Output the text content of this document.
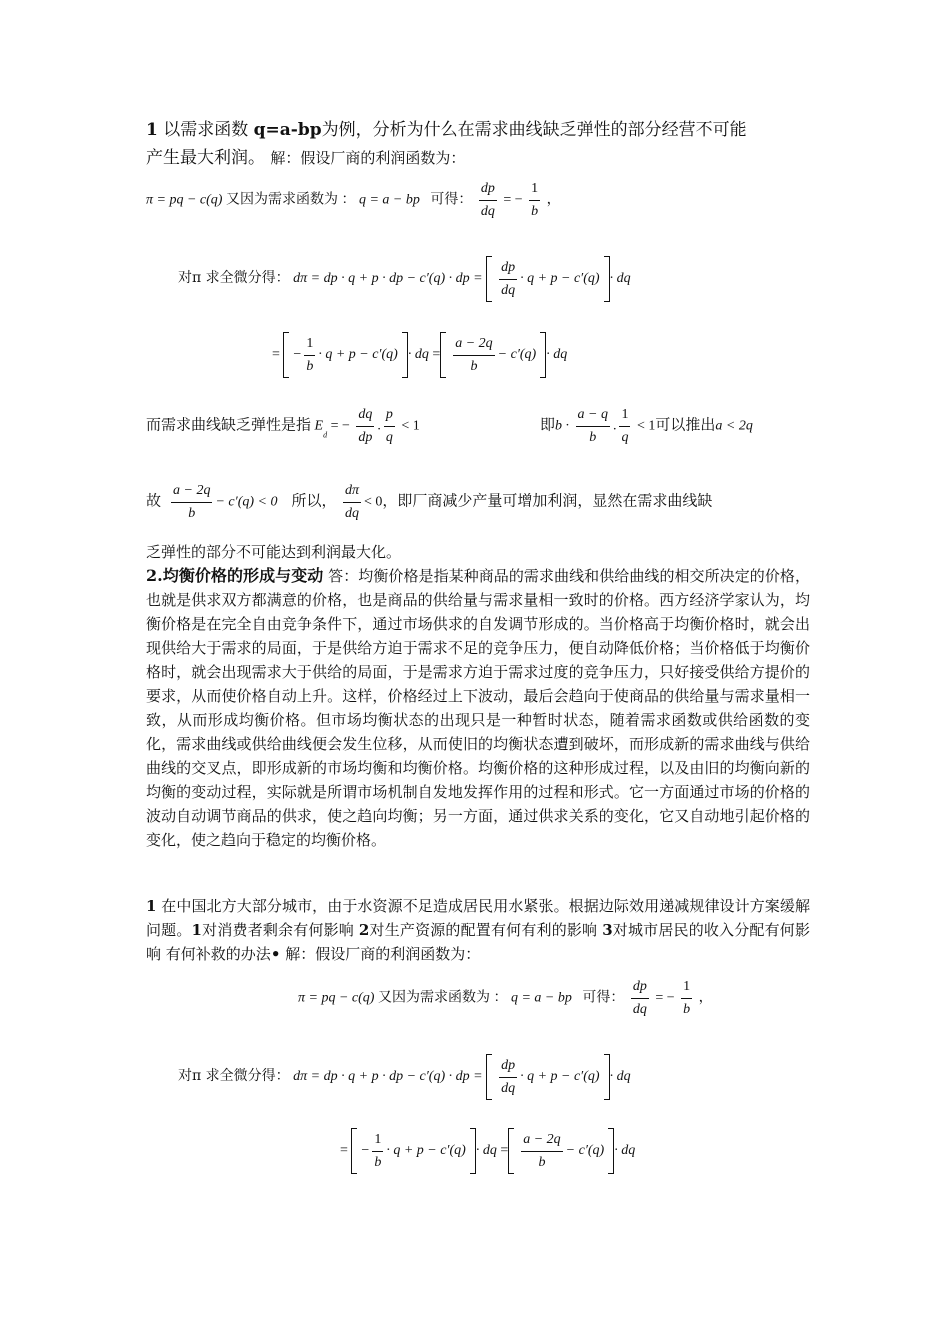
1 以需求函数 q=a-bp为例，分析为什么在需求曲线缺乏弹性的部分经营不可能
产生最大利润。 解：假设厂商的利润函数为：
π = pq − c(q) 又因为需求函数为 ： q = a − bp 可得： $\frac{dp}{dq}$ = − $\frac{1}{b}$ ，
对π 求全微分得： dπ = dp · q + p · dp − c′(q) · dp = $\frac{dp}{dq} \cdot q + p - c'(q)$ · dq
= − $\frac{1}{b} \cdot q + p - c'(q)$ · dq = $\frac{a - 2q}{b} - c'(q)$ · dq
而需求曲线缺乏弹性是指 $E_d$ = − $\frac{dq}{dp}$ . $\frac{p}{q} < 1$	即$b \cdot \frac{a - q}{b}$ . $\frac{1}{q} < 1$可以推出a < 2q
故 $\frac{a - 2q}{b} - c'(q) < 0$ 所以， $\frac{d\pi}{dq} < 0$，即厂商减少产量可增加利润，显然在需求曲线缺
乏弹性的部分不可能达到利润最大化。
2.均衡价格的形成与变动 答：均衡价格是指某种商品的需求曲线和供给曲线的相交所决定的价格，也就是供求双方都满意的价格，也是商品的供给量与需求量相一致时的价格。西方经济学家认为，均衡价格是在完全自由竞争条件下，通过市场供求的自发调节形成的。当价格高于均衡价格时，就会出现供给大于需求的局面，于是供给方迫于需求不足的竞争压力，便自动降低价格；当价格低于均衡价格时，就会出现需求大于供给的局面，于是需求方迫于需求过度的竞争压力，只好接受供给方提价的要求，从而使价格自动上升。这样，价格经过上下波动，最后会趋向于使商品的供给量与需求量相一致，从而形成均衡价格。但市场均衡状态的出现只是一种暂时状态，随着需求函数或供给函数的变化，需求曲线或供给曲线便会发生位移，从而使旧的均衡状态遭到破坏，而形成新的需求曲线与供给曲线的交叉点，即形成新的市场均衡和均衡价格。均衡价格的这种形成过程，以及由旧的均衡向新的均衡的变动过程，实际就是所谓市场机制自发地发挥作用的过程和形式。它一方面通过市场的价格的波动自动调节商品的供求，使之趋向均衡；另一方面，通过供求关系的变化，它又自动地引起价格的变化，使之趋向于稳定的均衡价格。
1 在中国北方大部分城市，由于水资源不足造成居民用水紧张。根据边际效用递减规律设计方案缓解问题。1对消费者剩余有何影响 2对生产资源的配置有何有利的影响 3对城市居民的收入分配有何影响 有何补救的办法• 解：假设厂商的利润函数为：
π = pq − c(q) 又因为需求函数为 ： q = a − bp 可得： $\frac{dp}{dq}$ = − $\frac{1}{b}$ ，
对π 求全微分得： dπ = dp · q + p · dp − c′(q) · dp = $\frac{dp}{dq} \cdot q + p - c'(q)$ · dq
= − $\frac{1}{b} \cdot q + p - c'(q)$ · dq = $\frac{a - 2q}{b} - c'(q)$ · dq
